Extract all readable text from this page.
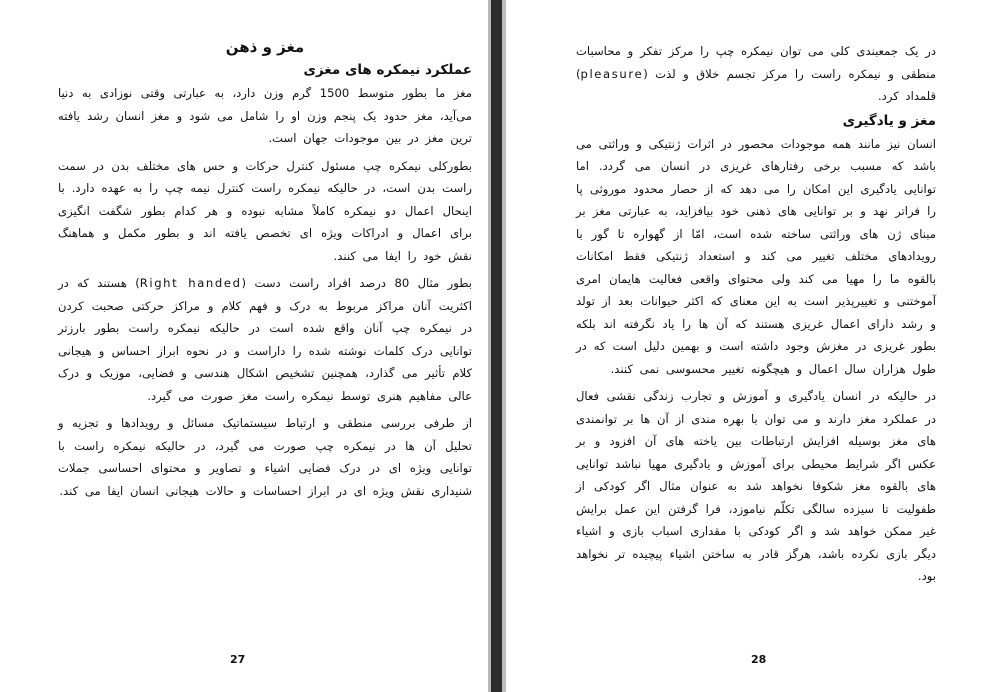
مغز و ذهن
عملکرد نیمکره های مغزی

مغز ما بطور متوسط 1500 گرم وزن دارد، به عبارتی وقتی نوزادی به دنیا می‌آید، مغز حدود یک پنجم وزن او را شامل می شود و مغز انسان رشد یافته ترین مغز در بین موجودات جهان است.

بطورکلی نیمکره چپ مسئول کنترل حرکات و حس های مختلف بدن در سمت راست بدن است، در حالیکه نیمکره راست کنترل نیمه چپ را به عهده دارد. با اینحال اعمال دو نیمکره کاملاً مشابه نبوده و هر کدام بطور شگفت انگیزی برای اعمال و ادراکات ویژه ای تخصص یافته اند و بطور مکمل و هماهنگ نقش خود را ایفا می کنند.

بطور مثال 80 درصد افراد راست دست (Right handed) هستند که در اکثریت آنان مراکز مربوط به درک و فهم کلام و مراکز حرکتی صحبت کردن در نیمکره چپ آنان واقع شده است در حالیکه نیمکره راست بطور بارزتر توانایی درک کلمات نوشته شده را داراست و در نحوه ابراز احساس و هیجانی کلام تأثیر می گذارد، همچنین تشخیص اشکال هندسی و فضایی، موزیک و درک عالی مفاهیم هنری توسط نیمکره راست مغز صورت می گیرد.

از طرفی بررسی منطقی و ارتباط سیستماتیک مسائل و رویدادها و تجزیه و تحلیل آن ها در نیمکره چپ صورت می گیرد، در حالیکه نیمکره راست با توانایی ویژه ای در درک فضایی اشیاء و تصاویر و محتوای احساسی جملات شنیداری نقش ویژه ای در ابراز احساسات و حالات هیجانی انسان ایفا می کند.

27

در یک جمعبندی کلی می توان نیمکره چپ را مرکز تفکر و محاسبات منطقی و نیمکره راست را مرکز تجسم خلاق و لذت (pleasure) قلمداد کرد.

مغز و یادگیری

انسان نیز مانند همه موجودات محصور در اثرات ژنتیکی و وراثتی می باشد که مسبب برخی رفتارهای غریزی در انسان می گردد. اما توانایی یادگیری این امکان را می دهد که از حصار محدود موروثی پا را فراتر نهد و بر توانایی های ذهنی خود بیافزاید، به عبارتی مغز بر مبنای ژن های وراثتی ساخته شده است، امّا از گهواره تا گور با رویدادهای مختلف تغییر می کند و استعداد ژنتیکی فقط امکانات بالقوه ما را مهیا می کند ولی محتوای واقعی فعالیت هایمان امری آموختنی و تغییرپذیر است به این معنای که اکثر حیوانات بعد از تولد و رشد دارای اعمال غریزی هستند که آن ها را یاد نگرفته اند بلکه بطور غریزی در مغزش وجود داشته است و بهمین دلیل است که در طول هزاران سال اعمال و هیچگونه تغییر محسوسی نمی کنند.

در حالیکه در انسان یادگیری و آموزش و تجارب زندگی نقشی فعال در عملکرد مغز دارند و می توان با بهره مندی از آن ها بر توانمندی های مغز بوسیله افزایش ارتباطات بین یاخته های آن افزود و بر عکس اگر شرایط محیطی برای آموزش و یادگیری مهیا نباشد توانایی های بالقوه مغز شکوفا نخواهد شد به عنوان مثال اگر کودکی از طفولیت تا سیزده سالگی تکلّم نیاموزد، فرا گرفتن این عمل برایش غیر ممکن خواهد شد و اگر کودکی با مقداری اسباب بازی و اشیاء دیگر بازی نکرده باشد، هرگز قادر به ساختن اشیاء پیچیده تر نخواهد بود.

28
